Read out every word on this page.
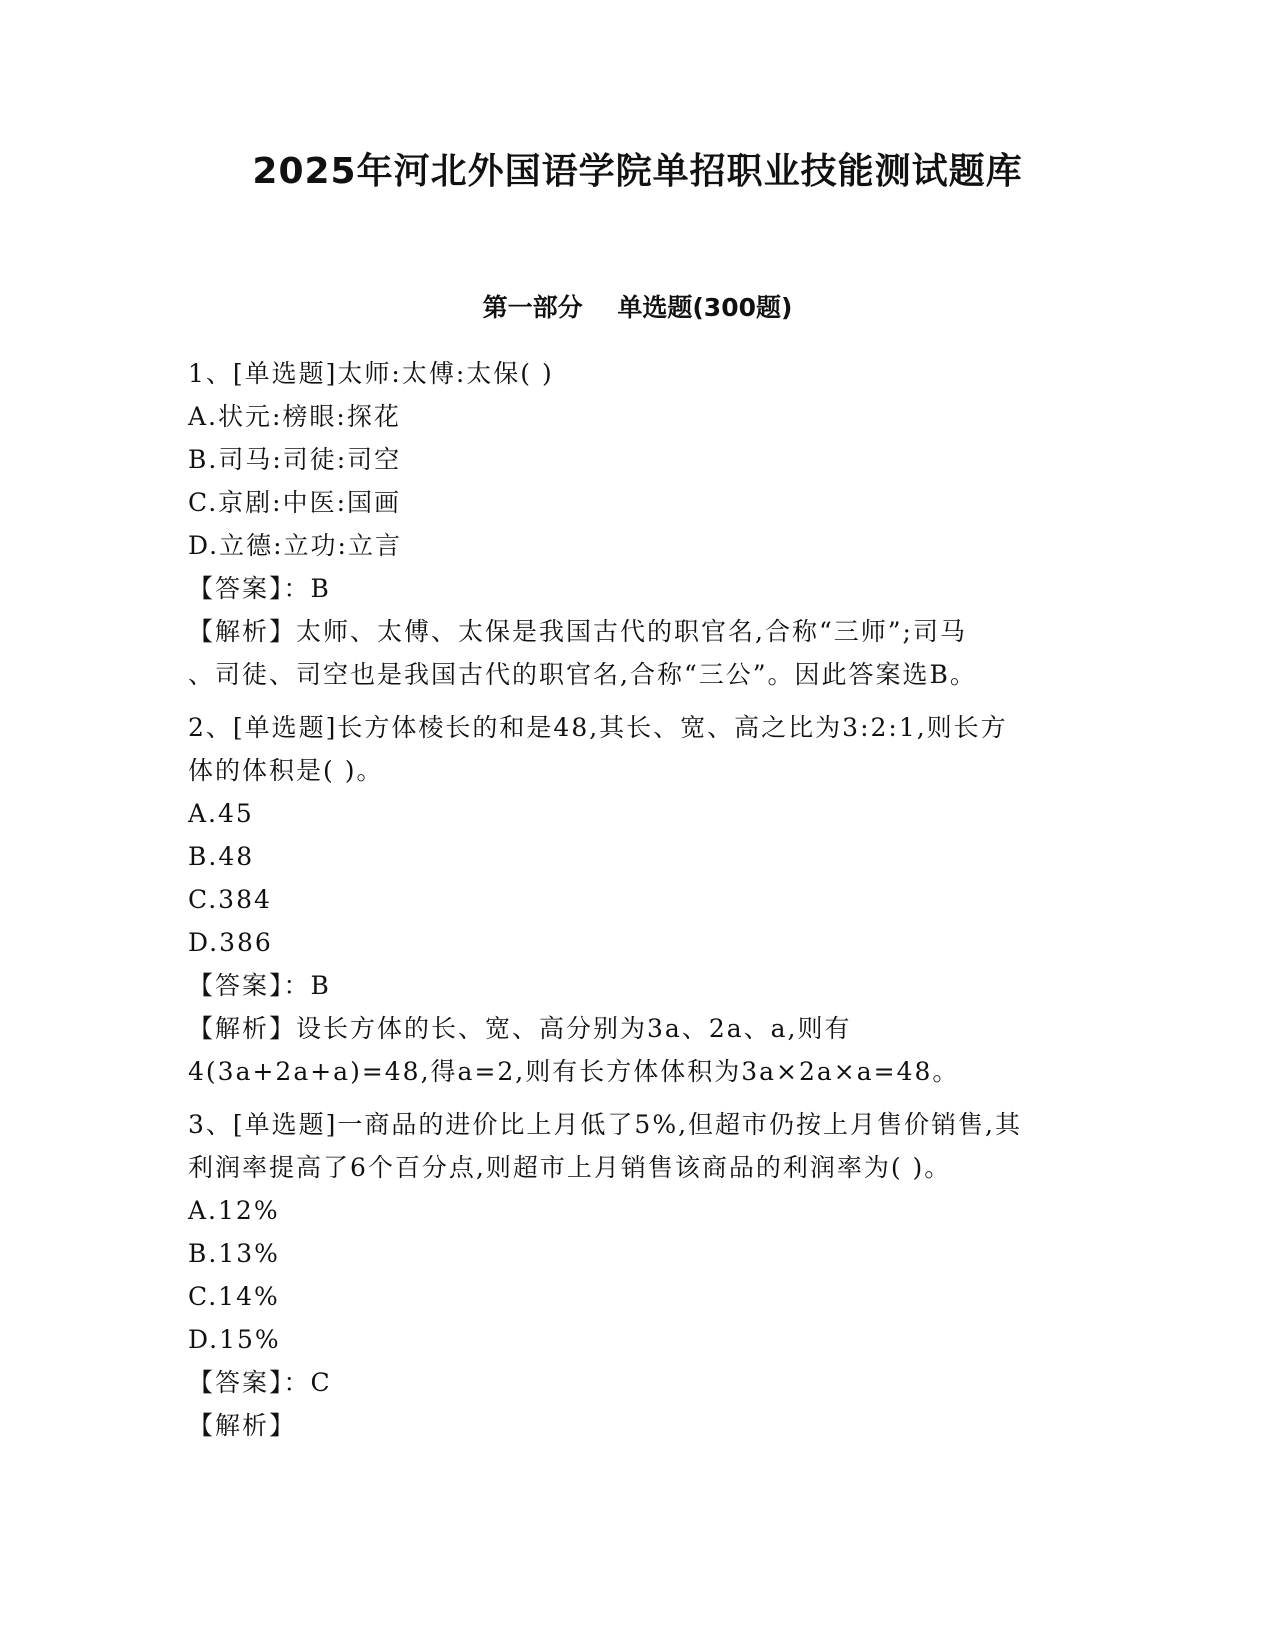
2025年河北外国语学院单招职业技能测试题库
第一部分    单选题(300题)
1、[单选题]太师:太傅:太保( )
A.状元:榜眼:探花
B.司马:司徒:司空
C.京剧:中医:国画
D.立德:立功:立言
【答案】：B
【解析】太师、太傅、太保是我国古代的职官名,合称“三师”;司马
、司徒、司空也是我国古代的职官名,合称“三公”。因此答案选B。
2、[单选题]长方体棱长的和是48,其长、宽、高之比为3:2:1,则长方
体的体积是( )。
A.45
B.48
C.384
D.386
【答案】：B
【解析】设长方体的长、宽、高分别为3a、2a、a,则有
4(3a+2a+a)=48,得a=2,则有长方体体积为3a×2a×a=48。
3、[单选题]一商品的进价比上月低了5%,但超市仍按上月售价销售,其
利润率提高了6个百分点,则超市上月销售该商品的利润率为( )。
A.12%
B.13%
C.14%
D.15%
【答案】：C
【解析】
